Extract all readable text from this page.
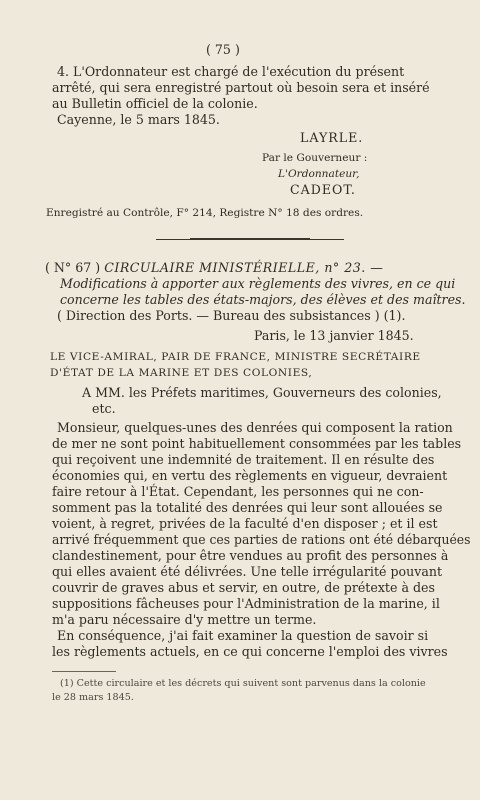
( 75 )
4. L'Ordonnateur est chargé de l'exécution du présent
arrêté, qui sera enregistré partout où besoin sera et inséré
au Bulletin officiel de la colonie.
Cayenne, le 5 mars 1845.
LAYRLE.
Par le Gouverneur :
L'Ordonnateur,
CADEOT.
Enregistré au Contrôle, F° 214, Registre N° 18 des ordres.
( N° 67 ) CIRCULAIRE MINISTÉRIELLE, n° 23. —
Modifications à apporter aux règlements des vivres, en ce qui
concerne les tables des états-majors, des élèves et des maîtres.
( Direction des Ports. — Bureau des subsistances ) (1).
Paris, le 13 janvier 1845.
LE VICE-AMIRAL, PAIR DE FRANCE, MINISTRE SECRÉTAIRE
D'ÉTAT DE LA MARINE ET DES COLONIES,
A MM. les Préfets maritimes, Gouverneurs des colonies,
etc.
Monsieur, quelques-unes des denrées qui composent la ration
de mer ne sont point habituellement consommées par les tables
qui reçoivent une indemnité de traitement. Il en résulte des
économies qui, en vertu des règlements en vigueur, devraient
faire retour à l'État. Cependant, les personnes qui ne con-
somment pas la totalité des denrées qui leur sont allouées se
voient, à regret, privées de la faculté d'en disposer ; et il est
arrivé fréquemment que ces parties de rations ont été débarquées
clandestinement, pour être vendues au profit des personnes à
qui elles avaient été délivrées. Une telle irrégularité pouvant
couvrir de graves abus et servir, en outre, de prétexte à des
suppositions fâcheuses pour l'Administration de la marine, il
m'a paru nécessaire d'y mettre un terme.
En conséquence, j'ai fait examiner la question de savoir si
les règlements actuels, en ce qui concerne l'emploi des vivres
(1) Cette circulaire et les décrets qui suivent sont parvenus dans la colonie
le 28 mars 1845.
